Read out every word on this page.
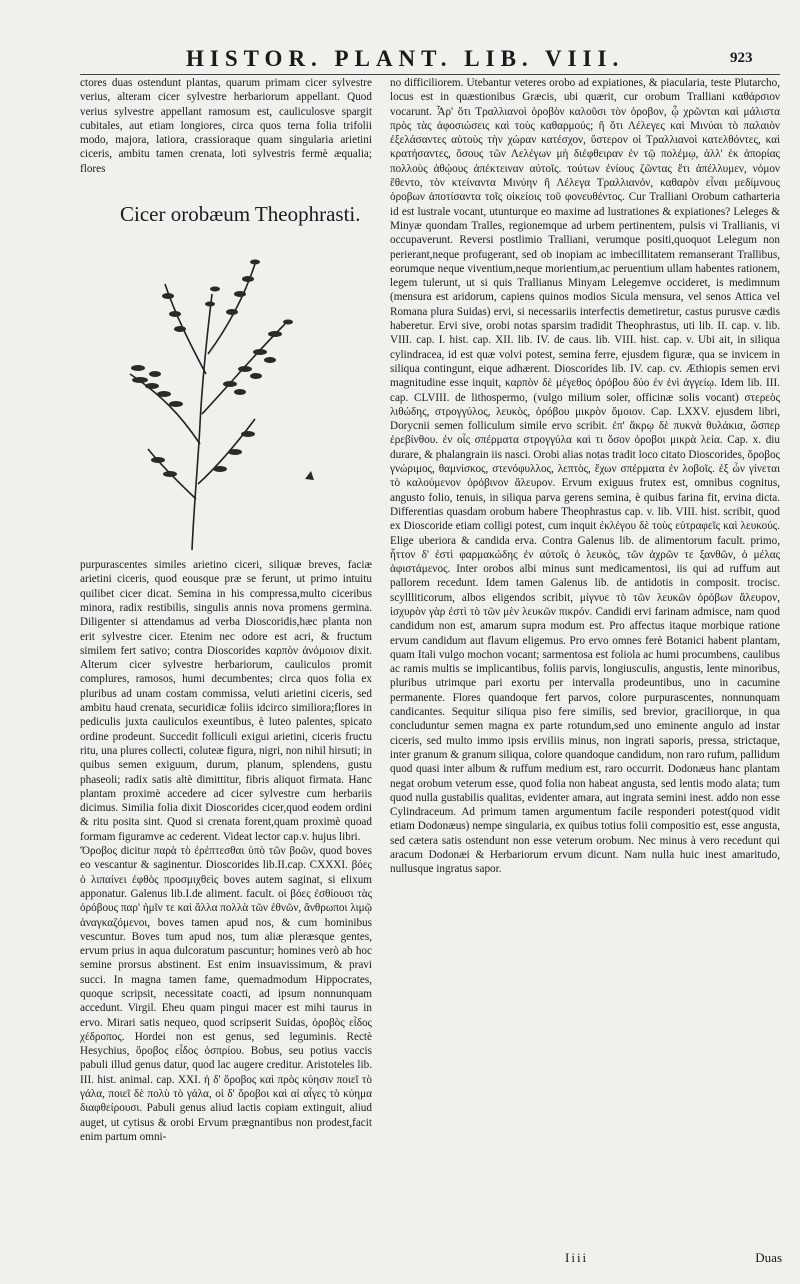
HISTOR. PLANT. LIB. VIII.	923

ctores duas ostendunt plantas, quarum primam cicer sylvestre verius, alteram cicer sylvestre herbariorum appellant. Quod verius sylvestre appellant ramosum est, cauliculosve spargit cubitales, aut etiam longiores, circa quos terna folia trifolii modo, majora, latiora, crassioraque quam singularia arietini ciceris, ambitu tamen crenata, loti sylvestris fermè æqualia; flores

Cicer orobæum Theophrasti.

purpurascentes similes arietino ciceri, siliquæ breves, faciæ arietini ciceris, quod eousque præ se ferunt, ut primo intuitu quilibet cicer dicat. Semina in his compressa,multo ciceribus minora, radix restibilis, singulis annis nova promens germina. Diligenter si attendamus ad verba Dioscoridis,hæc planta non erit sylvestre cicer. Etenim nec odore est acri, & fructum similem fert sativo; contra Dioscorides καρπὸν ἀνόμοιον dixit. Alterum cicer sylvestre herbariorum, cauliculos promit complures, ramosos, humi decumbentes; circa quos folia ex pluribus ad unam costam commissa, veluti arietini ciceris, sed ambitu haud crenata, securidicæ foliis idcirco similiora;flores in pediculis juxta cauliculos exeuntibus, è luteo palentes, spicato ordine prodeunt. Succedit folliculi exigui arietini, ciceris fructu ritu, una plures collecti, coluteæ figura, nigri, non nihil hirsuti; in quibus semen exiguum, durum, planum, splendens, gustu phaseoli; radix satis altè dimittitur, fibris aliquot firmata. Hanc plantam proximè accedere ad cicer sylvestre cum herbariis dicimus. Similia folia dixit Dioscorides cicer,quod eodem ordini & ritu posita sint. Quod si crenata forent,quam proximè quoad formam figuramve ac cederent. Videat lector cap.v. hujus libri.

Ὄροβος dicitur παρὰ τὸ ἐρέπτεσθαι ὑπὸ τῶν βοῶν, quod boves eo vescantur & saginentur. Dioscorides lib.II.cap. CXXXI. βόες ὁ λιπαίνει ἐφθὸς προσμιχθεὶς boves autem saginat, si elixum apponatur. Galenus lib.I.de aliment. facult. οἱ βόες ἐσθίουσι τὰς ὀρόβους παρ' ἡμῖν τε καὶ ἄλλα πολλὰ τῶν ἐθνῶν, ἄνθρωποι λιμῷ ἀναγκαζόμενοι, boves tamen apud nos, & cum hominibus vescuntur. Boves tum apud nos, tum aliæ pleræsque gentes, ervum prius in aqua dulcoratum pascuntur; homines verò ab hoc semine prorsus abstinent. Est enim insuavissimum, & pravi succi. In magna tamen fame, quemadmodum Hippocrates, quoque scripsit, necessitate coacti, ad ipsum nonnunquam accedunt. Virgil. Eheu quam pingui macer est mihi taurus in ervo. Mirari satis nequeo, quod scripserit Suidas, ὀροβὸς εἶδος χέδροπος. Hordei non est genus, sed leguminis. Rectè Hesychius, ὄροβος εἶδος ὀσπρίου. Bobus, seu potius vaccis pabuli illud genus datur, quod lac augere creditur. Aristoteles lib. III. hist. animal. cap. XXI. ἡ δ' ὄροβος καὶ πρὸς κύησιν ποιεῖ τὸ γάλα, ποιεῖ δὲ πολὺ τὸ γάλα, οἱ δ' ὄροβοι καὶ αἱ αἶγες τὸ κύημα διαφθείρουσι. Pabuli genus aliud lactis copiam extinguit, aliud auget, ut cytisus & orobi Ervum prægnantibus non prodest,facit enim partum omni-

no difficiliorem. Utebantur veteres orobo ad expiationes, & piacularia, teste Plutarcho, locus est in quæstionibus Græcis, ubi quærit, cur orobum Tralliani καθάρσιον vocarunt. Ἆρ' ὅτι Τραλλιανοὶ ὀροβὸν καλοῦσι τὸν ὀροβον, ᾧ χρῶνται καὶ μάλιστα πρὸς τὰς ἀφοσιώσεις καὶ τοὺς καθαρμούς; ἢ ὅτι Λέλεγες καὶ Μινύαι τὸ παλαιὸν ἐξελάσαντες αὐτοὺς τὴν χώραν κατέσχον, ὕστερον οἱ Τραλλιανοὶ κατελθόντες, καὶ κρατήσαντες, ὅσους τῶν Λελέγων μὴ διέφθειραν ἐν τῷ πολέμῳ, ἀλλ' ἐκ ἀπορίας πολλοὺς ἀθῴους ἀπέκτειναν αὐτοῖς. τούτων ἐνίους ζῶντας ἔτι ἀπέλλυμεν, νόμον ἔθεντο, τὸν κτείναντα Μινύην ἢ Λέλεγα Τραλλιανόν, καθαρὸν εἶναι μεδίμνους ὀροβων ἀποτίσαντα τοῖς οἰκείοις τοῦ φονευθέντος. Cur Tralliani Orobum catharteria id est lustrale vocant, utunturque eo maxime ad lustrationes & expiationes? Leleges & Minyæ quondam Tralles, regionemque ad urbem pertinentem, pulsis vi Trallianis, vi occupaverunt. Reversi postlimio Tralliani, verumque positi,quoquot Lelegum non perierant,neque profugerant, sed ob inopiam ac imbecillitatem remanserant Trallibus, eorumque neque viventium,neque morientium,ac peruentium ullam habentes rationem, legem tulerunt, ut si quis Trallianus Minyam Lelegemve occideret, is medimnum (mensura est aridorum, capiens quinos modios Sicula mensura, vel senos Attica vel Romana plura Suidas) ervi, si necessariis interfectis demetiretur, castus purusve cædis haberetur. Ervi sive, orobi notas sparsim tradidit Theophrastus, uti lib. II. cap. v. lib. VIII. cap. I. hist. cap. XII. lib. IV. de caus. lib. VIII. hist. cap. v. Ubi ait, in siliqua cylindracea, id est quæ volvi potest, semina ferre, ejusdem figuræ, qua se invicem in siliqua contingunt, eique adhærent. Dioscorides lib. IV. cap. cv. Æthiopis semen ervi magnitudine esse inquit, καρπὸν δὲ μέγεθος ὀρόβου δύο ἐν ἑνὶ ἀγγείῳ. Idem lib. III. cap. CLVIII. de lithospermo, (vulgo milium soler, officinæ solis vocant) στερεὸς λιθώδης, στρογγύλος, λευκὸς, ὀρόβου μικρὸν ὅμοιον. Cap. LXXV. ejusdem libri, Dorycnii semen folliculum simile ervo scribit. ἐπ' ἄκρῳ δὲ πυκνὰ θυλάκια, ὥσπερ ἐρεβίνθου. ἐν οἷς σπέρματα στρογγύλα καὶ τι ὅσον ὀροβοι μικρὰ λεία. Cap. x. diu durare, & phalangrain iis nasci. Orobi alias notas tradit loco citato Dioscorides, ὄροβος γνώριμος, θαμνίσκος, στενόφυλλος, λεπτὸς, ἔχων σπέρματα ἐν λοβοῖς. ἐξ ὧν γίνεται τὸ καλούμενον ὀρόβινον ἄλευρον. Ervum exiguus frutex est, omnibus cognitus, angusto folio, tenuis, in siliqua parva gerens semina, è quibus farina fit, ervina dicta. Differentias quasdam orobum habere Theophrastus cap. v. lib. VIII. hist. scribit, quod ex Dioscoride etiam colligi potest, cum inquit ἐκλέγου δὲ τοὺς εὐτραφεῖς καὶ λευκούς. Elige uberiora & candida erva. Contra Galenus lib. de alimentorum facult. primo, ἧττον δ' ἐστὶ φαρμακώδης ἐν αὐτοῖς ὁ λευκὸς, τῶν ἀχρῶν τε ξανθῶν, ὁ μέλας ἀφιστάμενος. Inter orobos albi minus sunt medicamentosi, iis qui ad ruffum aut pallorem recedunt. Idem tamen Galenus lib. de antidotis in composit. trocisc. scyllliticorum, albos eligendos scribit, μίγνυε τὸ τῶν λευκῶν ὀρόβων ἄλευρον, ἰσχυρὸν γὰρ ἐστὶ τὸ τῶν μὲν λευκῶν πικρόν. Candidi ervi farinam admisce, nam quod candidum non est, amarum supra modum est. Pro affectus itaque morbique ratione ervum candidum aut flavum eligemus. Pro ervo omnes ferè Botanici habent plantam, quam Itali vulgo mochon vocant; sarmentosa est foliola ac humi procumbens, caulibus ac ramis multis se implicantibus, foliis parvis, longiusculis, angustis, lente minoribus, pluribus utrimque pari exortu per intervalla prodeuntibus, uno in cacumine permanente. Flores quandoque fert parvos, colore purpurascentes, nonnunquam candicantes. Sequitur siliqua piso fere similis, sed brevior, graciliorque, in qua concluduntur semen magna ex parte rotundum,sed uno eminente angulo ad instar ciceris, sed multo immo ipsis erviliis minus, non ingrati saporis, pressa, strictaque, inter granum & granum siliqua, colore quandoque candidum, non raro rufum, pallidum quod quasi inter album & ruffum medium est, raro occurrit. Dodonæus hanc plantam negat orobum veterum esse, quod folia non habeat angusta, sed lentis modo alata; tum quod nulla gustabilis qualitas, evidenter amara, aut ingrata semini inest. addo non esse Cylindraceum. Ad primum tamen argumentum facile responderi potest(quod vidit etiam Dodonæus) nempe singularia, ex quibus totius folii compositio est, esse angusta, sed cætera satis ostendunt non esse veterum orobum. Nec minus à vero recedunt qui aracum Dodonæi & Herbariorum ervum dicunt. Nam nulla huic inest amaritudo, nullusque ingratus sapor.

Iiii	Duas
